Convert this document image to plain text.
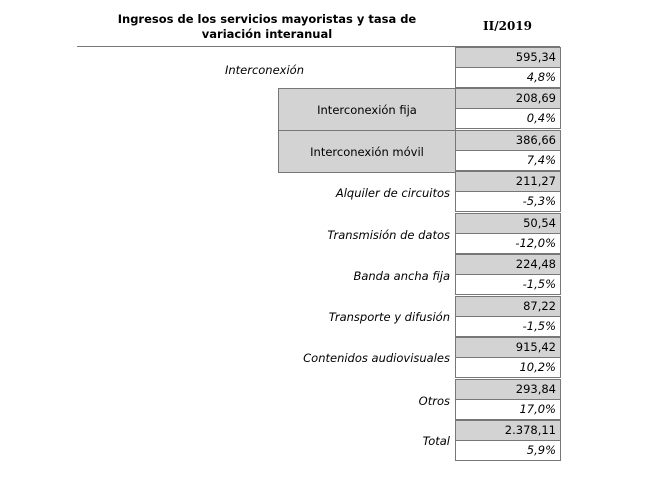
Ingresos de los servicios mayoristas y tasa de variación interanual
II/2019
Interconexión
595,34
4,8%
Interconexión fija
208,69
0,4%
Interconexión móvil
386,66
7,4%
Alquiler de circuitos
211,27
-5,3%
Transmisión de datos
50,54
-12,0%
Banda ancha fija
224,48
-1,5%
Transporte y difusión
87,22
-1,5%
Contenidos audiovisuales
915,42
10,2%
Otros
293,84
17,0%
Total
2.378,11
5,9%
